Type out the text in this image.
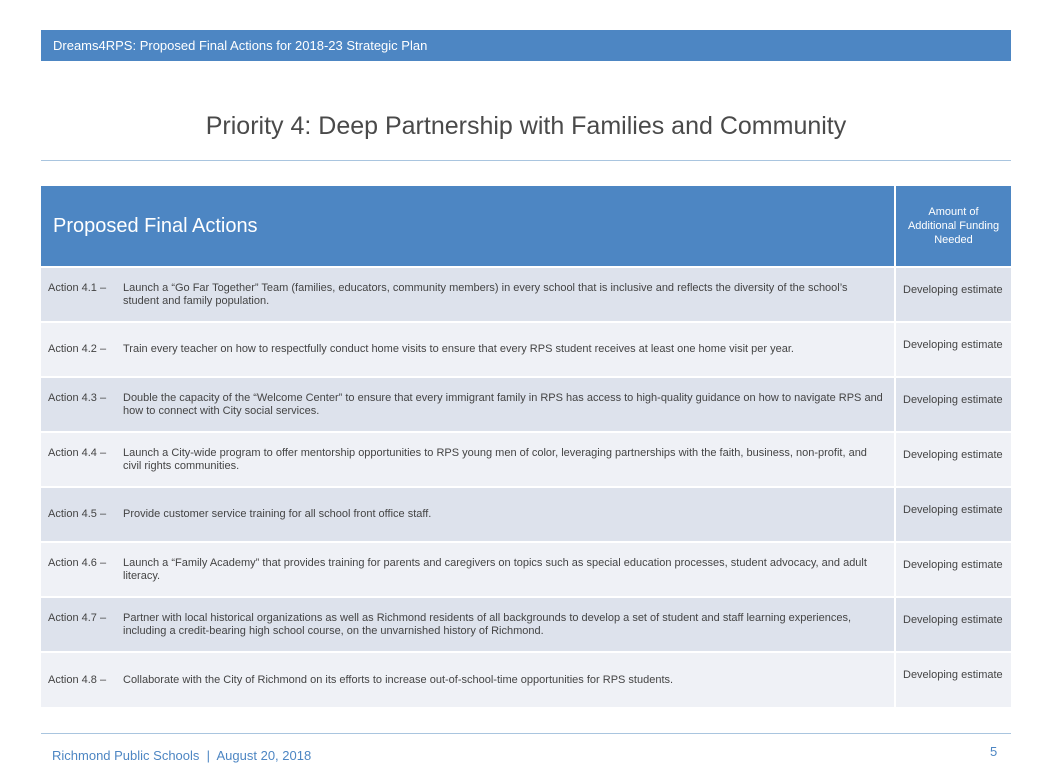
Dreams4RPS: Proposed Final Actions for 2018-23 Strategic Plan
Priority 4: Deep Partnership with Families and Community
Proposed Final Actions	Amount of Additional Funding Needed

Action 4.1 – Launch a “Go Far Together” Team (families, educators, community members) in every school that is inclusive and reflects the diversity of the school’s student and family population.	Developing estimate

Action 4.2 – Train every teacher on how to respectfully conduct home visits to ensure that every RPS student receives at least one home visit per year.	Developing estimate

Action 4.3 – Double the capacity of the “Welcome Center” to ensure that every immigrant family in RPS has access to high-quality guidance on how to navigate RPS and how to connect with City social services.	Developing estimate

Action 4.4 – Launch a City-wide program to offer mentorship opportunities to RPS young men of color, leveraging partnerships with the faith, business, non-profit, and civil rights communities.	Developing estimate

Action 4.5 – Provide customer service training for all school front office staff.	Developing estimate

Action 4.6 – Launch a “Family Academy” that provides training for parents and caregivers on topics such as special education processes, student advocacy, and adult literacy.	Developing estimate

Action 4.7 – Partner with local historical organizations as well as Richmond residents of all backgrounds to develop a set of student and staff learning experiences, including a credit-bearing high school course, on the unvarnished history of Richmond.	Developing estimate

Action 4.8 – Collaborate with the City of Richmond on its efforts to increase out-of-school-time opportunities for RPS students.	Developing estimate
Richmond Public Schools  |  August 20, 2018	5
